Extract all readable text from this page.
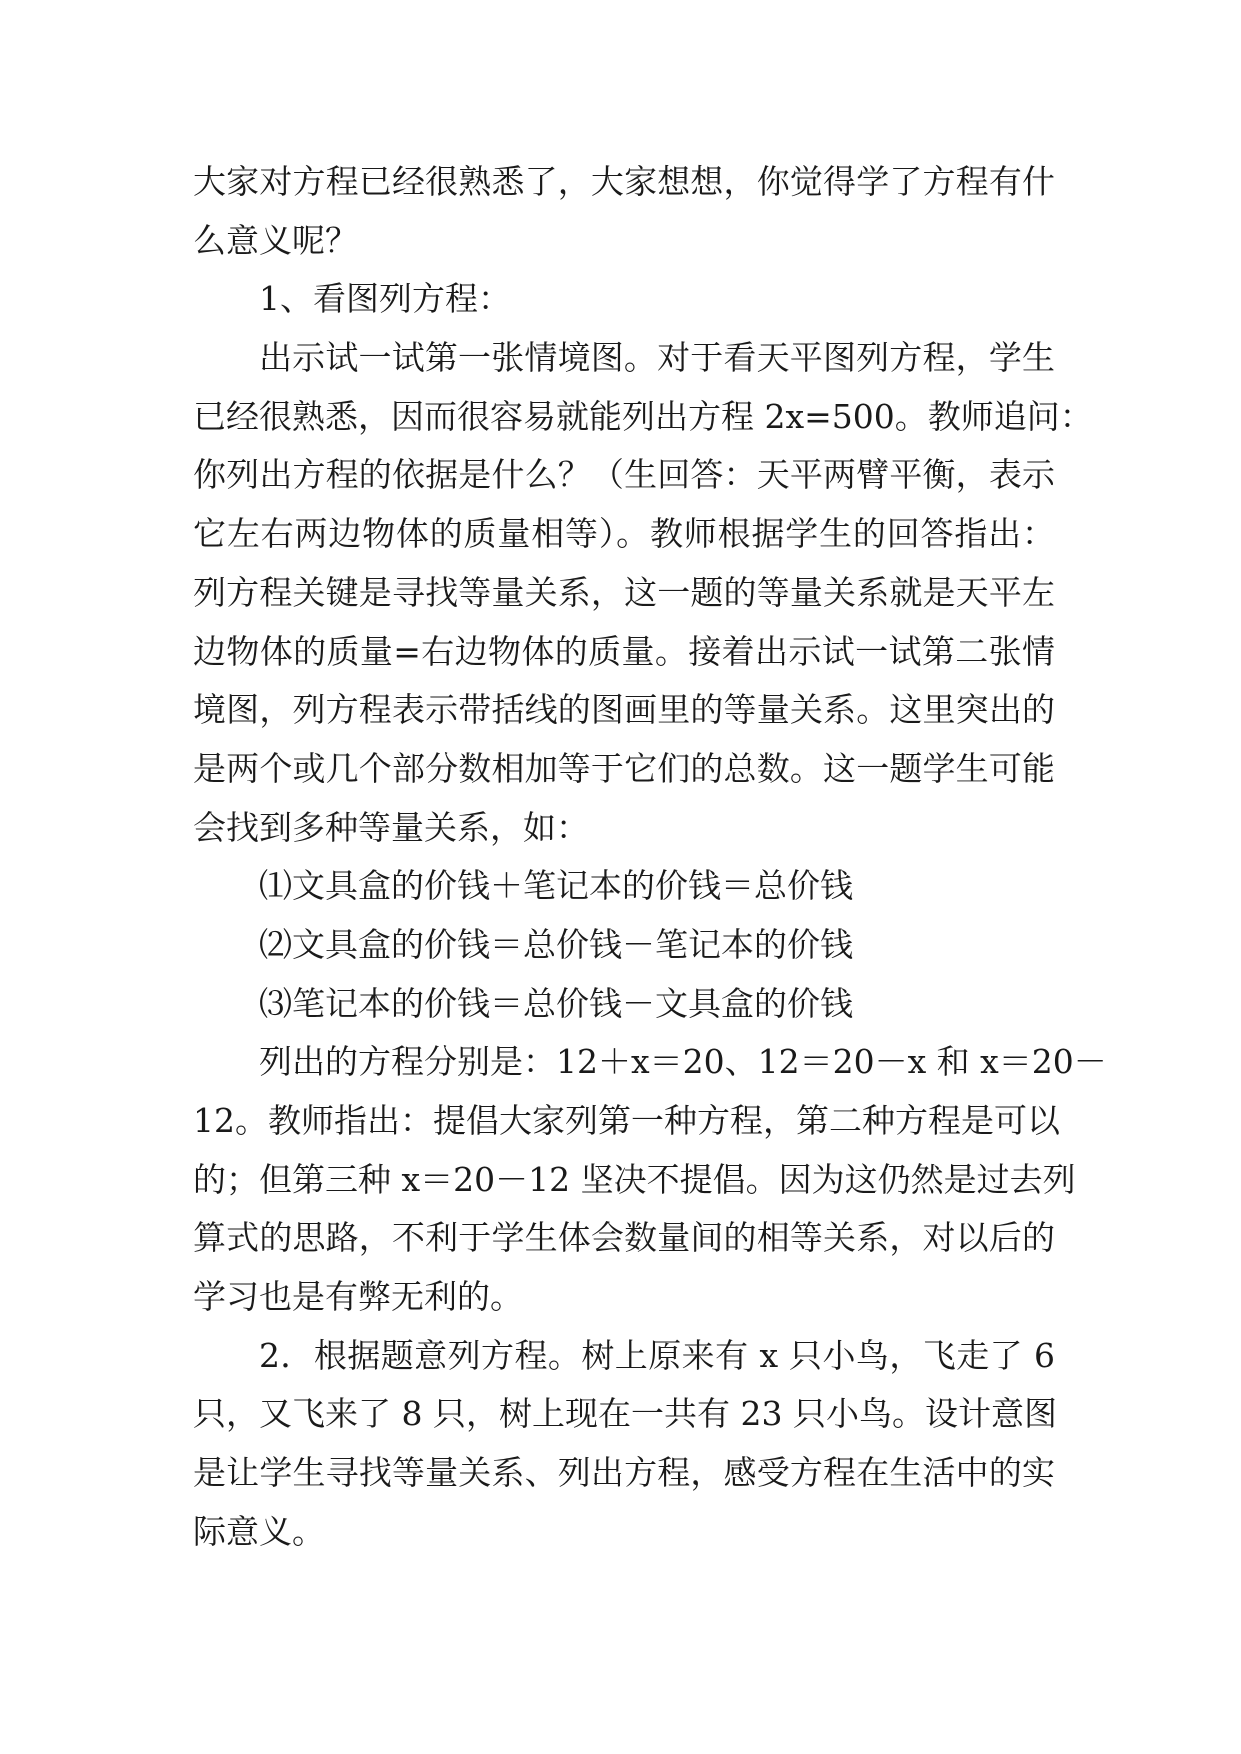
大家对方程已经很熟悉了，大家想想，你觉得学了方程有什
么意义呢？
1、看图列方程：
出示试一试第一张情境图。对于看天平图列方程，学生
已经很熟悉，因而很容易就能列出方程 2x=500。教师追问：
你列出方程的依据是什么？（生回答：天平两臂平衡，表示
它左右两边物体的质量相等）。教师根据学生的回答指出：
列方程关键是寻找等量关系，这一题的等量关系就是天平左
边物体的质量=右边物体的质量。接着出示试一试第二张情
境图，列方程表示带括线的图画里的等量关系。这里突出的
是两个或几个部分数相加等于它们的总数。这一题学生可能
会找到多种等量关系，如：
⑴文具盒的价钱＋笔记本的价钱＝总价钱
⑵文具盒的价钱＝总价钱－笔记本的价钱
⑶笔记本的价钱＝总价钱－文具盒的价钱
列出的方程分别是：12＋x＝20、12＝20－x 和 x＝20－
12。教师指出：提倡大家列第一种方程，第二种方程是可以
的；但第三种 x＝20－12 坚决不提倡。因为这仍然是过去列
算式的思路，不利于学生体会数量间的相等关系，对以后的
学习也是有弊无利的。
2．根据题意列方程。树上原来有 x 只小鸟，飞走了 6
只，又飞来了 8 只，树上现在一共有 23 只小鸟。设计意图
是让学生寻找等量关系、列出方程，感受方程在生活中的实
际意义。
